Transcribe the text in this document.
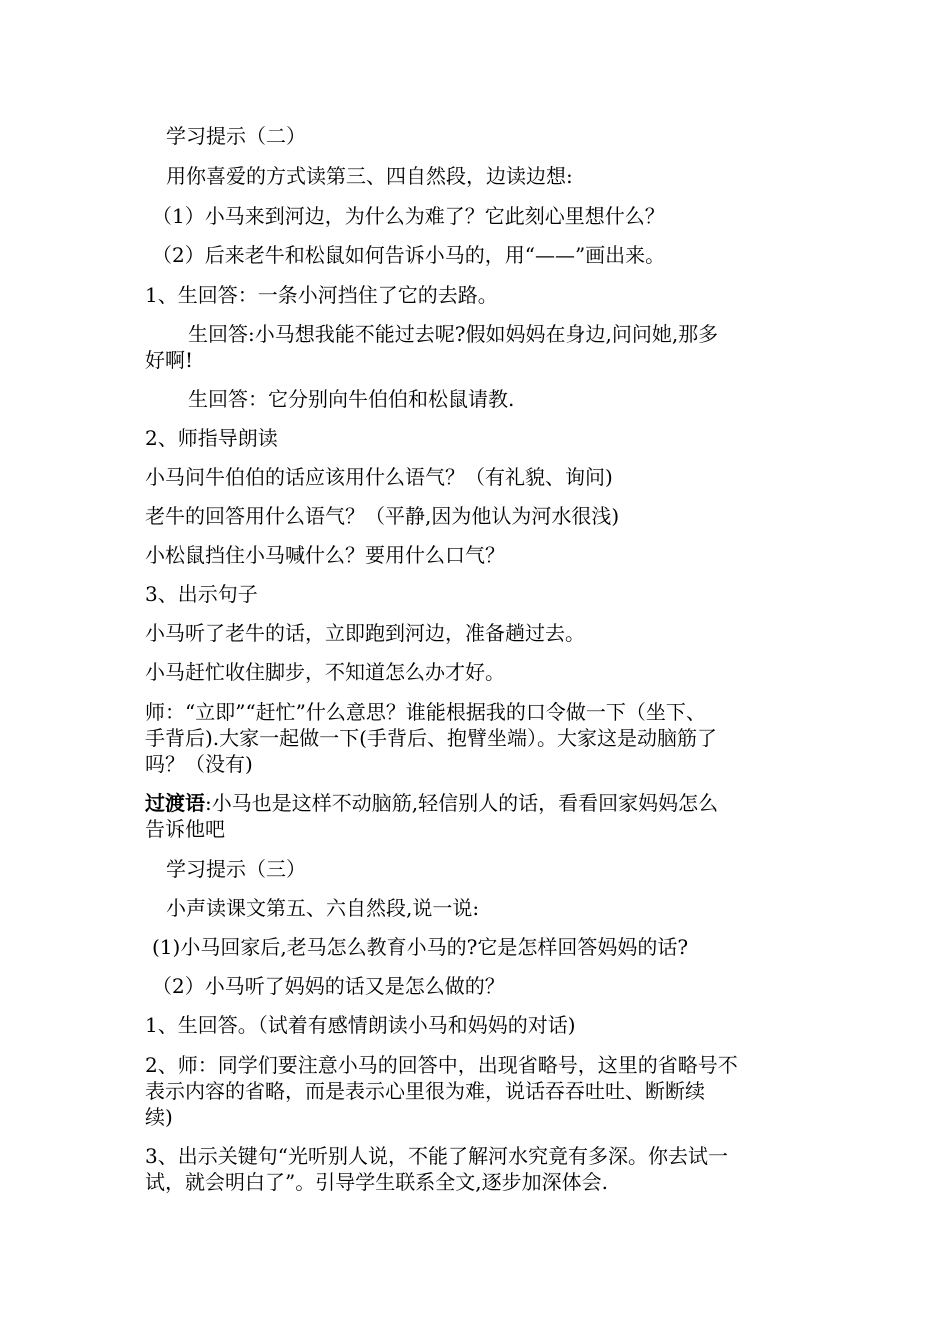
学习提示（二）

用你喜爱的方式读第三、四自然段，边读边想:

（1）小马来到河边，为什么为难了？它此刻心里想什么？

（2）后来老牛和松鼠如何告诉小马的，用“——”画出来。

1、生回答：一条小河挡住了它的去路。

生回答:小马想我能不能过去呢?假如妈妈在身边,问问她,那多

好啊!

生回答：它分别向牛伯伯和松鼠请教.

2、师指导朗读

小马问牛伯伯的话应该用什么语气？（有礼貌、询问)

老牛的回答用什么语气？（平静,因为他认为河水很浅)

小松鼠挡住小马喊什么？要用什么口气？

3、出示句子

小马听了老牛的话，立即跑到河边，准备趟过去。

小马赶忙收住脚步，不知道怎么办才好。

师：“立即”“赶忙”什么意思？谁能根据我的口令做一下（坐下、

手背后).大家一起做一下(手背后、抱臂坐端）。大家这是动脑筋了

吗？（没有)

过渡语:小马也是这样不动脑筋,轻信别人的话，看看回家妈妈怎么

告诉他吧

学习提示（三）

小声读课文第五、六自然段,说一说:

(1)小马回家后,老马怎么教育小马的?它是怎样回答妈妈的话?

（2）小马听了妈妈的话又是怎么做的？

1、生回答。（试着有感情朗读小马和妈妈的对话)

2、师：同学们要注意小马的回答中，出现省略号，这里的省略号不

表示内容的省略，而是表示心里很为难，说话吞吞吐吐、断断续

续)

3、出示关键句“光听别人说，不能了解河水究竟有多深。你去试一

试，就会明白了”。引导学生联系全文,逐步加深体会.
